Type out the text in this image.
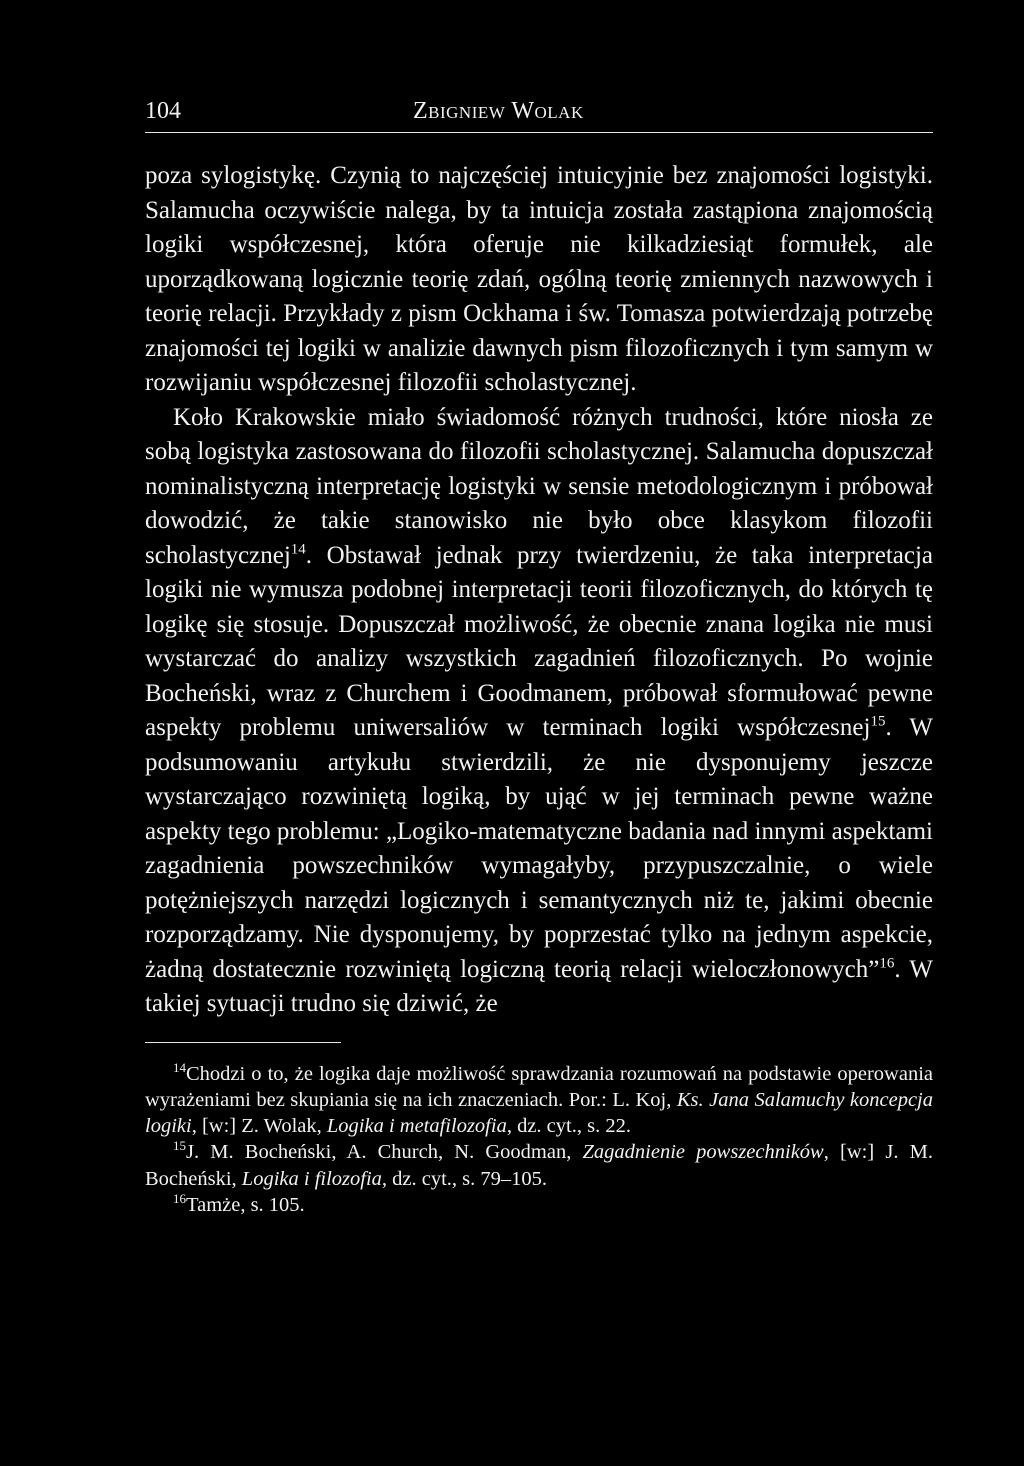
104	Zbigniew Wolak

poza sylogistykę. Czynią to najczęściej intuicyjnie bez znajomości logistyki. Salamucha oczywiście nalega, by ta intuicja została zastąpiona znajomością logiki współczesnej, która oferuje nie kilkadziesiąt formułek, ale uporządkowaną logicznie teorię zdań, ogólną teorię zmiennych nazwowych i teorię relacji. Przykłady z pism Ockhama i św. Tomasza potwierdzają potrzebę znajomości tej logiki w analizie dawnych pism filozoficznych i tym samym w rozwijaniu współczesnej filozofii scholastycznej.

Koło Krakowskie miało świadomość różnych trudności, które niosła ze sobą logistyka zastosowana do filozofii scholastycznej. Salamucha dopuszczał nominalistyczną interpretację logistyki w sensie metodologicznym i próbował dowodzić, że takie stanowisko nie było obce klasykom filozofii scholastycznej$^{14}$. Obstawał jednak przy twierdzeniu, że taka interpretacja logiki nie wymusza podobnej interpretacji teorii filozoficznych, do których tę logikę się stosuje. Dopuszczał możliwość, że obecnie znana logika nie musi wystarczać do analizy wszystkich zagadnień filozoficznych. Po wojnie Bocheński, wraz z Churchem i Goodmanem, próbował sformułować pewne aspekty problemu uniwersaliów w terminach logiki współczesnej$^{15}$. W podsumowaniu artykułu stwierdzili, że nie dysponujemy jeszcze wystarczająco rozwiniętą logiką, by ująć w jej terminach pewne ważne aspekty tego problemu: „Logiko-matematyczne badania nad innymi aspektami zagadnienia powszechników wymagałyby, przypuszczalnie, o wiele potężniejszych narzędzi logicznych i semantycznych niż te, jakimi obecnie rozporządzamy. Nie dysponujemy, by poprzestać tylko na jednym aspekcie, żadną dostatecznie rozwiniętą logiczną teorią relacji wieloczłonowych”$^{16}$. W takiej sytuacji trudno się dziwić, że

$^{14}$Chodzi o to, że logika daje możliwość sprawdzania rozumowań na podstawie operowania wyrażeniami bez skupiania się na ich znaczeniach. Por.: L. Koj, Ks. Jana Salamuchy koncepcja logiki, [w:] Z. Wolak, Logika i metafilozofia, dz. cyt., s. 22.

$^{15}$J. M. Bocheński, A. Church, N. Goodman, Zagadnienie powszechników, [w:] J. M. Bocheński, Logika i filozofia, dz. cyt., s. 79–105.

$^{16}$Tamże, s. 105.
